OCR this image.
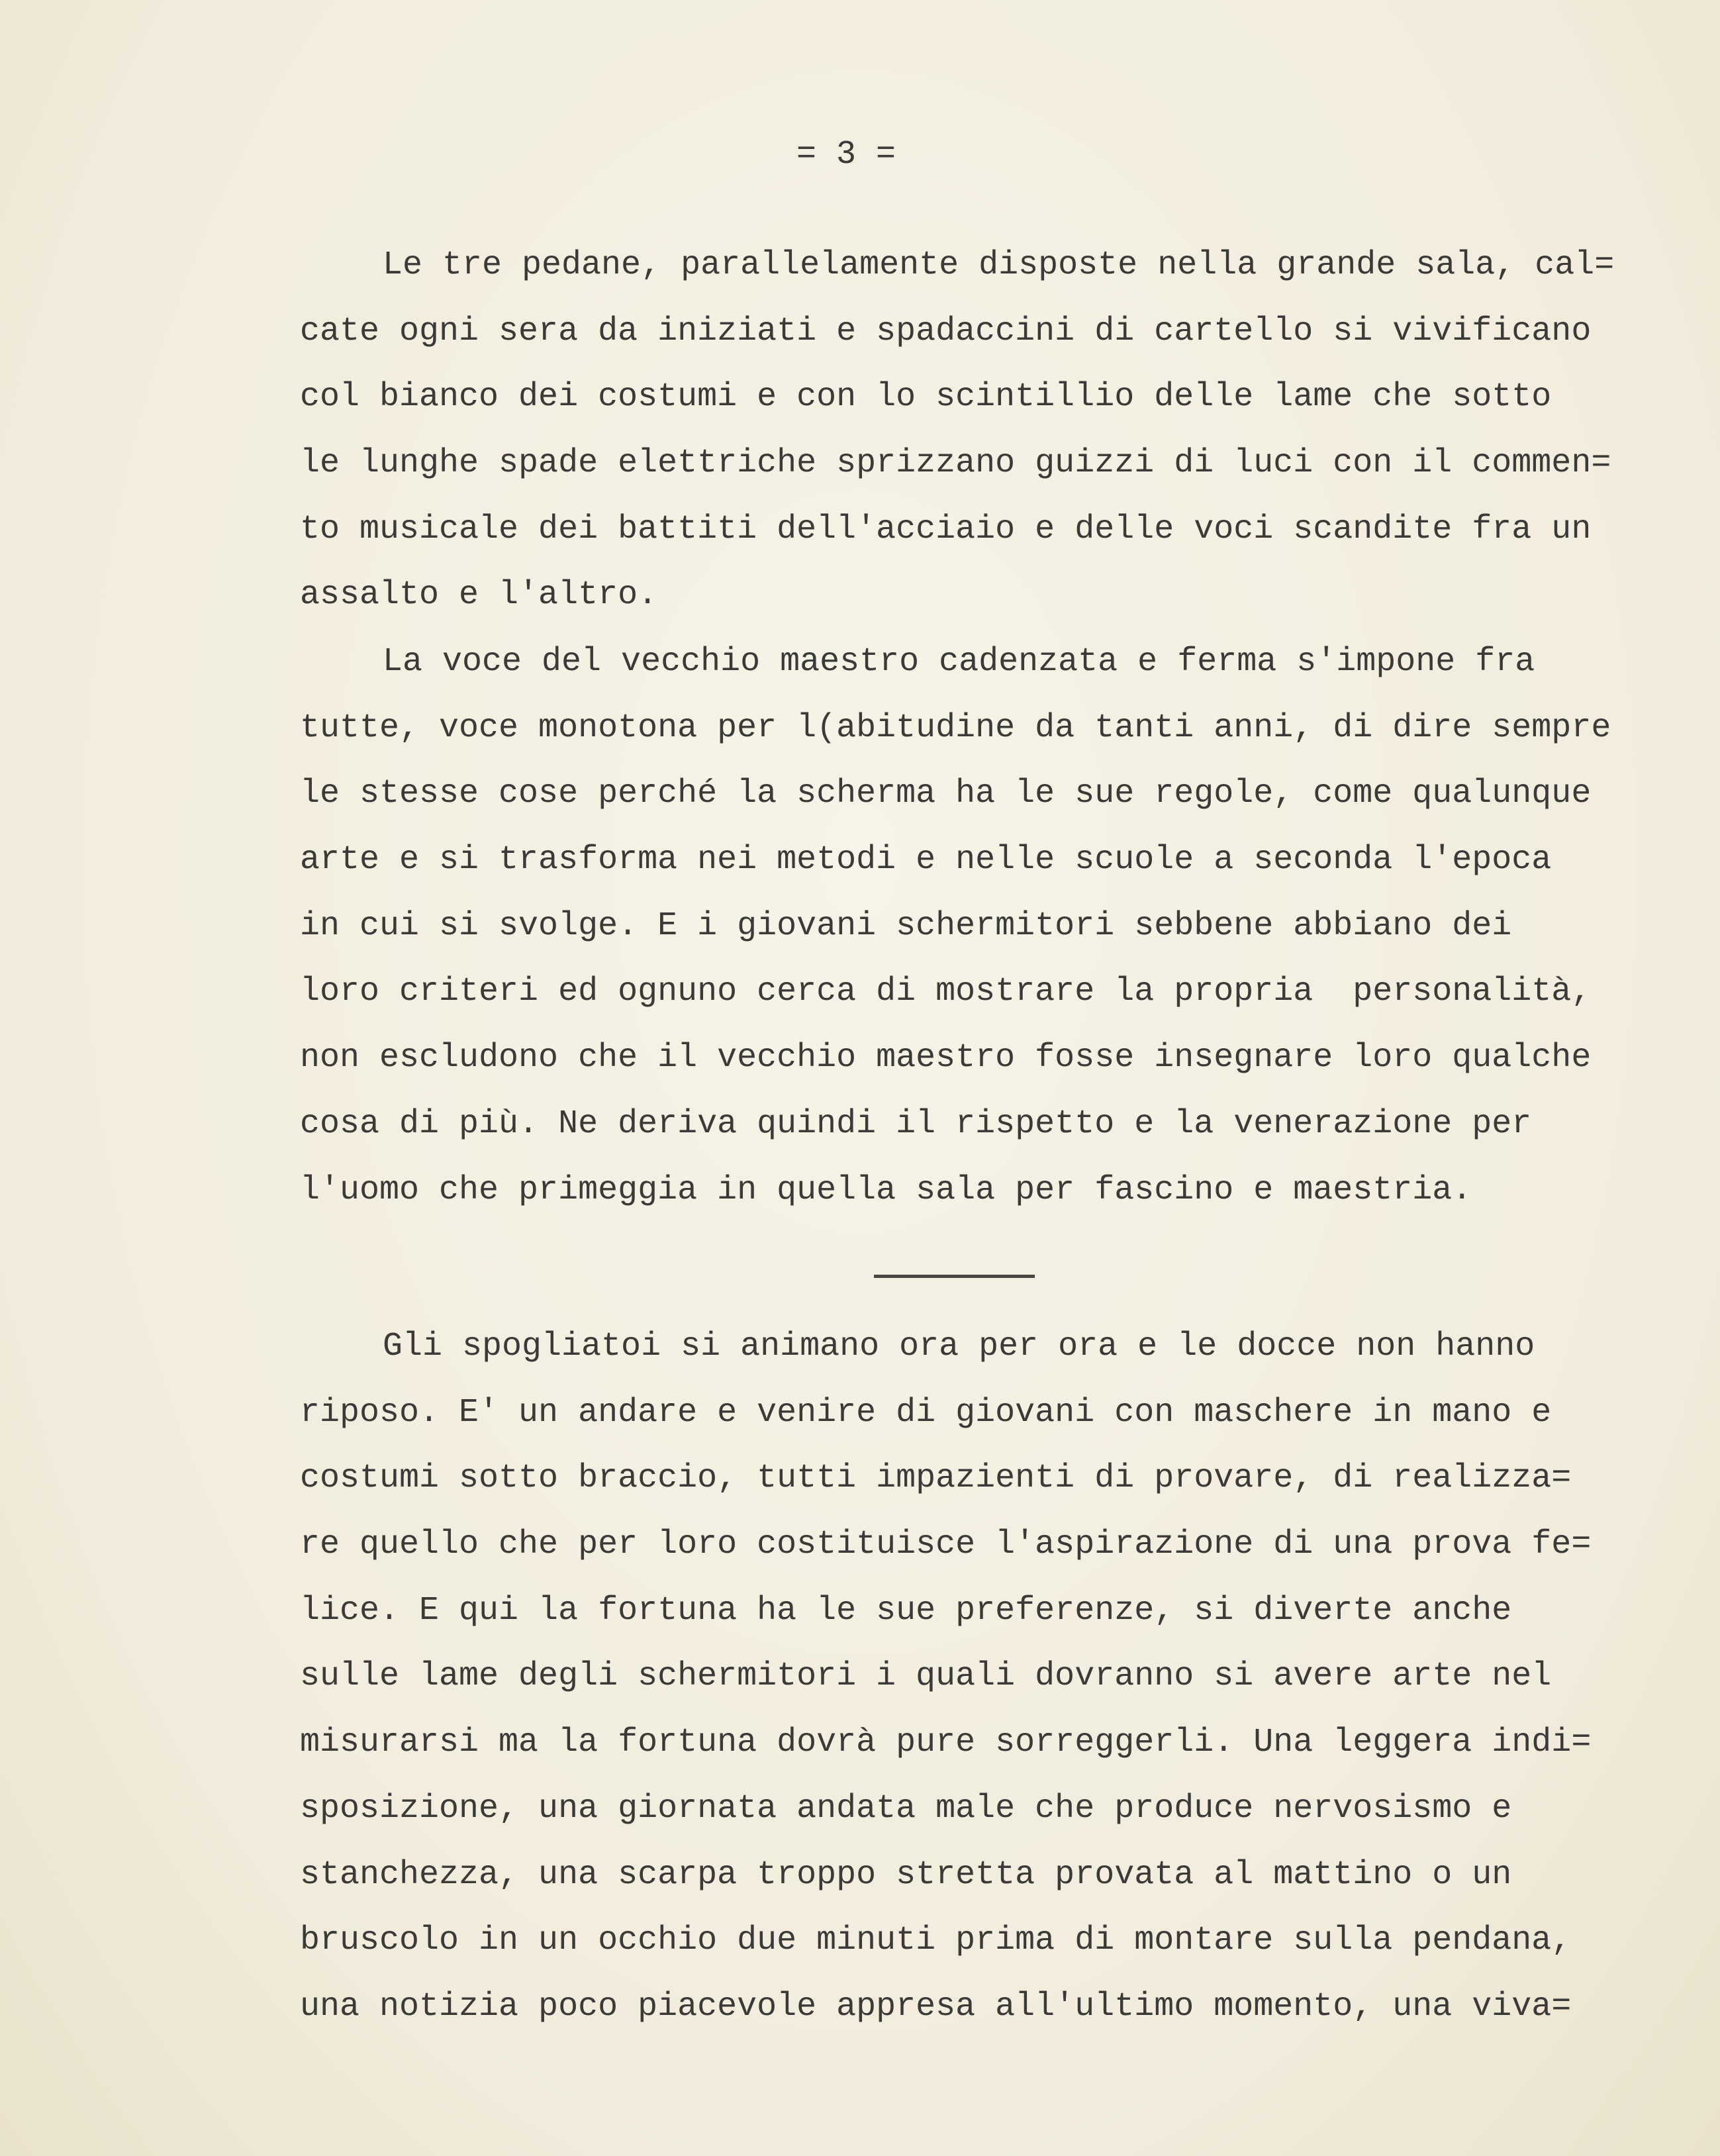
= 3 =
Le tre pedane, parallelamente disposte nella grande sala, cal=
cate ogni sera da iniziati e spadaccini di cartello si vivificano
col bianco dei costumi e con lo scintillio delle lame che sotto
le lunghe spade elettriche sprizzano guizzi di luci con il commen=
to musicale dei battiti dell'acciaio e delle voci scandite fra un
assalto e l'altro.
La voce del vecchio maestro cadenzata e ferma s'impone fra
tutte, voce monotona per l(abitudine da tanti anni, di dire sempre
le stesse cose perché la scherma ha le sue regole, come qualunque
arte e si trasforma nei metodi e nelle scuole a seconda l'epoca
in cui si svolge. E i giovani schermitori sebbene abbiano dei
loro criteri ed ognuno cerca di mostrare la propria  personalità,
non escludono che il vecchio maestro fosse insegnare loro qualche
cosa di più. Ne deriva quindi il rispetto e la venerazione per
l'uomo che primeggia in quella sala per fascino e maestria.
Gli spogliatoi si animano ora per ora e le docce non hanno
riposo. E' un andare e venire di giovani con maschere in mano e
costumi sotto braccio, tutti impazienti di provare, di realizza=
re quello che per loro costituisce l'aspirazione di una prova fe=
lice. E qui la fortuna ha le sue preferenze, si diverte anche
sulle lame degli schermitori i quali dovranno si avere arte nel
misurarsi ma la fortuna dovrà pure sorreggerli. Una leggera indi=
sposizione, una giornata andata male che produce nervosismo e
stanchezza, una scarpa troppo stretta provata al mattino o un
bruscolo in un occhio due minuti prima di montare sulla pendana,
una notizia poco piacevole appresa all'ultimo momento, una viva=
